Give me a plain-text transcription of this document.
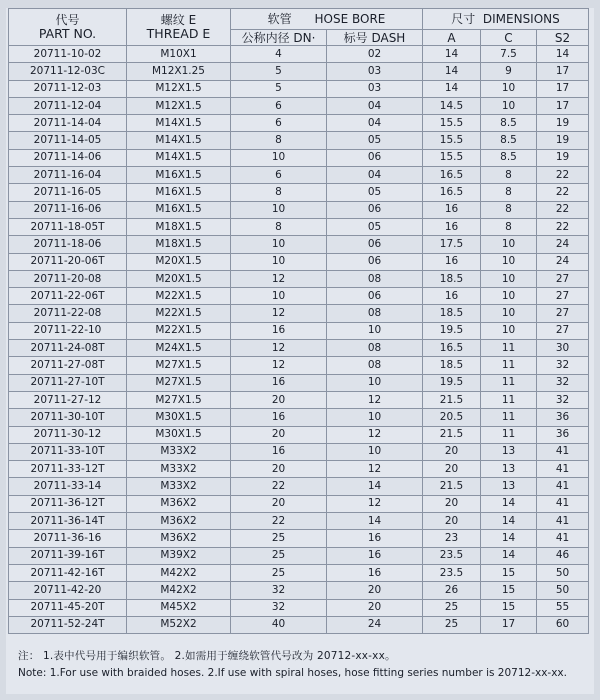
代号
PART NO.	螺纹 E
THREAD E	软管 HOSE BORE		尺寸 DIMENSIONS		
		公称内径 DN·	标号 DASH	A	C	S2
20711-10-02	M10X1	4	02	14	7.5	14
20711-12-03C	M12X1.25	5	03	14	9	17
20711-12-03	M12X1.5	5	03	14	10	17
20711-12-04	M12X1.5	6	04	14.5	10	17
20711-14-04	M14X1.5	6	04	15.5	8.5	19
20711-14-05	M14X1.5	8	05	15.5	8.5	19
20711-14-06	M14X1.5	10	06	15.5	8.5	19
20711-16-04	M16X1.5	6	04	16.5	8	22
20711-16-05	M16X1.5	8	05	16.5	8	22
20711-16-06	M16X1.5	10	06	16	8	22
20711-18-05T	M18X1.5	8	05	16	8	22
20711-18-06	M18X1.5	10	06	17.5	10	24
20711-20-06T	M20X1.5	10	06	16	10	24
20711-20-08	M20X1.5	12	08	18.5	10	27
20711-22-06T	M22X1.5	10	06	16	10	27
20711-22-08	M22X1.5	12	08	18.5	10	27
20711-22-10	M22X1.5	16	10	19.5	10	27
20711-24-08T	M24X1.5	12	08	16.5	11	30
20711-27-08T	M27X1.5	12	08	18.5	11	32
20711-27-10T	M27X1.5	16	10	19.5	11	32
20711-27-12	M27X1.5	20	12	21.5	11	32
20711-30-10T	M30X1.5	16	10	20.5	11	36
20711-30-12	M30X1.5	20	12	21.5	11	36
20711-33-10T	M33X2	16	10	20	13	41
20711-33-12T	M33X2	20	12	20	13	41
20711-33-14	M33X2	22	14	21.5	13	41
20711-36-12T	M36X2	20	12	20	14	41
20711-36-14T	M36X2	22	14	20	14	41
20711-36-16	M36X2	25	16	23	14	41
20711-39-16T	M39X2	25	16	23.5	14	46
20711-42-16T	M42X2	25	16	23.5	15	50
20711-42-20	M42X2	32	20	26	15	50
20711-45-20T	M45X2	32	20	25	15	55
20711-52-24T	M52X2	40	24	25	17	60
注： 1.表中代号用于编织软管。 2.如需用于缠绕软管代号改为 20712-xx-xx。
Note: 1.For use with braided hoses. 2.If use with spiral hoses, hose fitting series number is 20712-xx-xx.
